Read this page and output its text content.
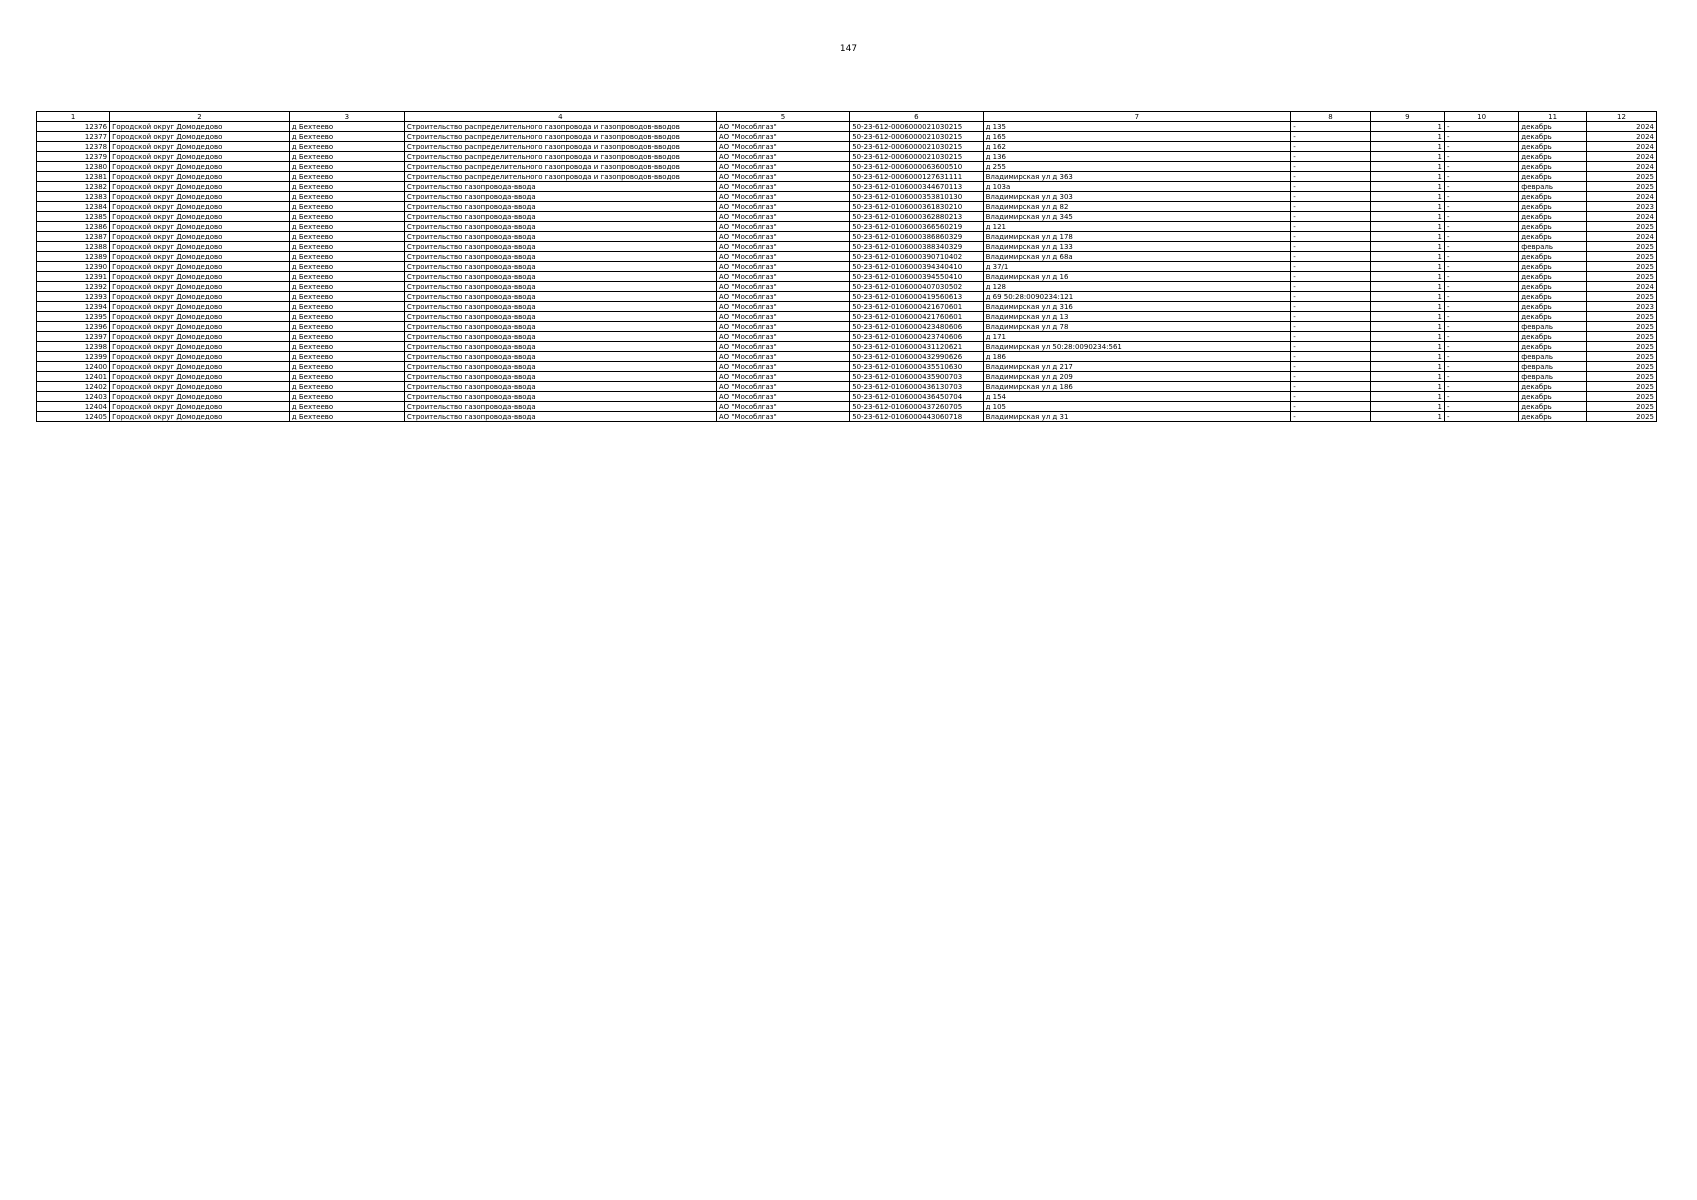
147
1	2	3	4	5	6	7	8	9	10	11	12
12376	Городской округ Домодедово	д Бехтеево	Строительство распределительного газопровода и газопроводов-вводов	АО "Мособлгаз"	50-23-612-0006000021030215	д 135	-	1	-	декабрь	2024
12377	Городской округ Домодедово	д Бехтеево	Строительство распределительного газопровода и газопроводов-вводов	АО "Мособлгаз"	50-23-612-0006000021030215	д 165	-	1	-	декабрь	2024
12378	Городской округ Домодедово	д Бехтеево	Строительство распределительного газопровода и газопроводов-вводов	АО "Мособлгаз"	50-23-612-0006000021030215	д 162	-	1	-	декабрь	2024
12379	Городской округ Домодедово	д Бехтеево	Строительство распределительного газопровода и газопроводов-вводов	АО "Мособлгаз"	50-23-612-0006000021030215	д 136	-	1	-	декабрь	2024
12380	Городской округ Домодедово	д Бехтеево	Строительство распределительного газопровода и газопроводов-вводов	АО "Мособлгаз"	50-23-612-0006000063600510	д 255	-	1	-	декабрь	2024
12381	Городской округ Домодедово	д Бехтеево	Строительство распределительного газопровода и газопроводов-вводов	АО "Мособлгаз"	50-23-612-0006000127631111	Владимирская ул д 363	-	1	-	декабрь	2025
12382	Городской округ Домодедово	д Бехтеево	Строительство газопровода-ввода	АО "Мособлгаз"	50-23-612-0106000344670113	д 103а	-	1	-	февраль	2025
12383	Городской округ Домодедово	д Бехтеево	Строительство газопровода-ввода	АО "Мособлгаз"	50-23-612-0106000353810130	Владимирская ул д 303	-	1	-	декабрь	2024
12384	Городской округ Домодедово	д Бехтеево	Строительство газопровода-ввода	АО "Мособлгаз"	50-23-612-0106000361830210	Владимирская ул д 82	-	1	-	декабрь	2023
12385	Городской округ Домодедово	д Бехтеево	Строительство газопровода-ввода	АО "Мособлгаз"	50-23-612-0106000362880213	Владимирская ул д 345	-	1	-	декабрь	2024
12386	Городской округ Домодедово	д Бехтеево	Строительство газопровода-ввода	АО "Мособлгаз"	50-23-612-0106000366560219	д 121	-	1	-	декабрь	2025
12387	Городской округ Домодедово	д Бехтеево	Строительство газопровода-ввода	АО "Мособлгаз"	50-23-612-0106000386860329	Владимирская ул д 178	-	1	-	декабрь	2024
12388	Городской округ Домодедово	д Бехтеево	Строительство газопровода-ввода	АО "Мособлгаз"	50-23-612-0106000388340329	Владимирская ул д 133	-	1	-	февраль	2025
12389	Городской округ Домодедово	д Бехтеево	Строительство газопровода-ввода	АО "Мособлгаз"	50-23-612-0106000390710402	Владимирская ул д 68а	-	1	-	декабрь	2025
12390	Городской округ Домодедово	д Бехтеево	Строительство газопровода-ввода	АО "Мособлгаз"	50-23-612-0106000394340410	д 37/1	-	1	-	декабрь	2025
12391	Городской округ Домодедово	д Бехтеево	Строительство газопровода-ввода	АО "Мособлгаз"	50-23-612-0106000394550410	Владимирская ул д 16	-	1	-	декабрь	2025
12392	Городской округ Домодедово	д Бехтеево	Строительство газопровода-ввода	АО "Мособлгаз"	50-23-612-0106000407030502	д 128	-	1	-	декабрь	2024
12393	Городской округ Домодедово	д Бехтеево	Строительство газопровода-ввода	АО "Мособлгаз"	50-23-612-0106000419560613	д 69 50:28:0090234:121	-	1	-	декабрь	2025
12394	Городской округ Домодедово	д Бехтеево	Строительство газопровода-ввода	АО "Мособлгаз"	50-23-612-0106000421670601	Владимирская ул д 316	-	1	-	декабрь	2023
12395	Городской округ Домодедово	д Бехтеево	Строительство газопровода-ввода	АО "Мособлгаз"	50-23-612-0106000421760601	Владимирская ул д 13	-	1	-	декабрь	2025
12396	Городской округ Домодедово	д Бехтеево	Строительство газопровода-ввода	АО "Мособлгаз"	50-23-612-0106000423480606	Владимирская ул д 78	-	1	-	февраль	2025
12397	Городской округ Домодедово	д Бехтеево	Строительство газопровода-ввода	АО "Мособлгаз"	50-23-612-0106000423740606	д 171	-	1	-	декабрь	2025
12398	Городской округ Домодедово	д Бехтеево	Строительство газопровода-ввода	АО "Мособлгаз"	50-23-612-0106000431120621	Владимирская ул 50:28:0090234:561	-	1	-	декабрь	2025
12399	Городской округ Домодедово	д Бехтеево	Строительство газопровода-ввода	АО "Мособлгаз"	50-23-612-0106000432990626	д 186	-	1	-	февраль	2025
12400	Городской округ Домодедово	д Бехтеево	Строительство газопровода-ввода	АО "Мособлгаз"	50-23-612-0106000435510630	Владимирская ул д 217	-	1	-	февраль	2025
12401	Городской округ Домодедово	д Бехтеево	Строительство газопровода-ввода	АО "Мособлгаз"	50-23-612-0106000435900703	Владимирская ул д 209	-	1	-	февраль	2025
12402	Городской округ Домодедово	д Бехтеево	Строительство газопровода-ввода	АО "Мособлгаз"	50-23-612-0106000436130703	Владимирская ул д 186	-	1	-	декабрь	2025
12403	Городской округ Домодедово	д Бехтеево	Строительство газопровода-ввода	АО "Мособлгаз"	50-23-612-0106000436450704	д 154	-	1	-	декабрь	2025
12404	Городской округ Домодедово	д Бехтеево	Строительство газопровода-ввода	АО "Мособлгаз"	50-23-612-0106000437260705	д 105	-	1	-	декабрь	2025
12405	Городской округ Домодедово	д Бехтеево	Строительство газопровода-ввода	АО "Мособлгаз"	50-23-612-0106000443060718	Владимирская ул д 31	-	1	-	декабрь	2025
